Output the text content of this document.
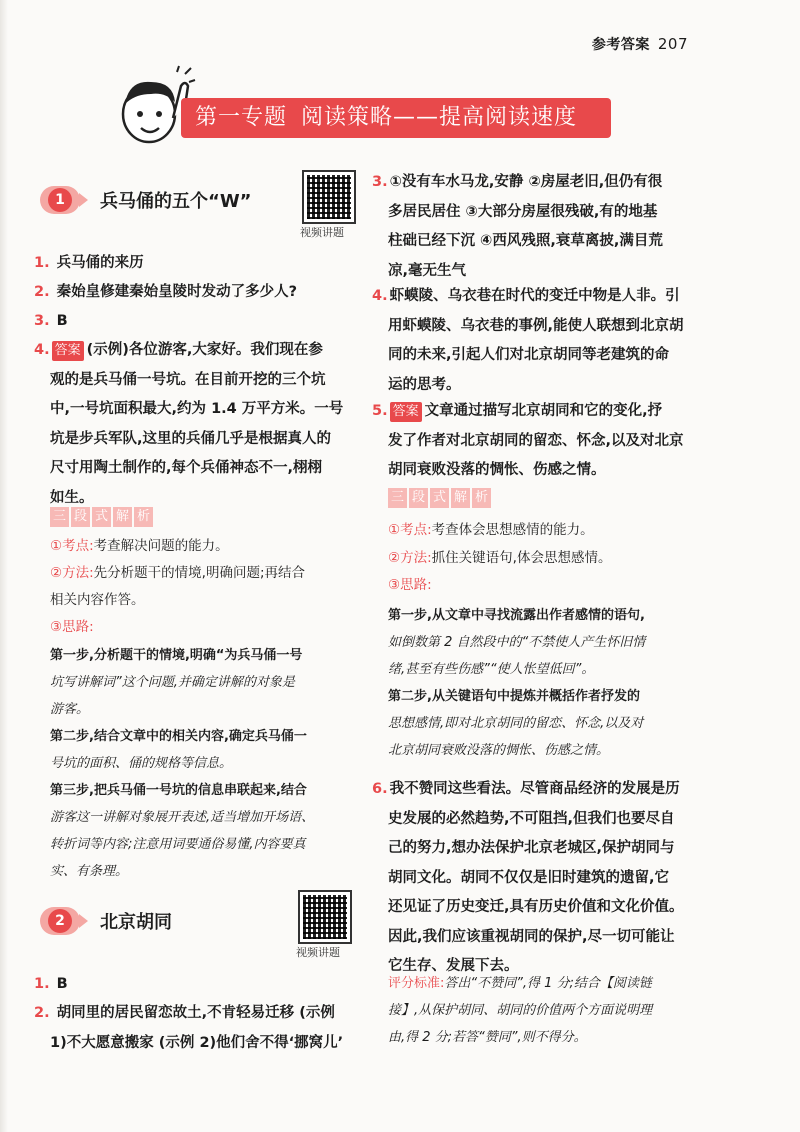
参考答案 207
第一专题 阅读策略——提高阅读速度
1	兵马俑的五个“W”
视频讲题
1. 兵马俑的来历
2. 秦始皇修建秦始皇陵时发动了多少人?
3. B
4. 答案 (示例)各位游客,大家好。我们现在参
观的是兵马俑一号坑。在目前开挖的三个坑
中,一号坑面积最大,约为 1.4 万平方米。一号
坑是步兵军队,这里的兵俑几乎是根据真人的
尺寸用陶土制作的,每个兵俑神态不一,栩栩
如生。
三 段 式 解 析
①考点:考查解决问题的能力。
②方法:先分析题干的情境,明确问题;再结合
相关内容作答。
③思路:
第一步,分析题干的情境,明确“为兵马俑一号
坑写讲解词”这个问题,并确定讲解的对象是
游客。
第二步,结合文章中的相关内容,确定兵马俑一
号坑的面积、俑的规格等信息。
第三步,把兵马俑一号坑的信息串联起来,结合
游客这一讲解对象展开表述,适当增加开场语、
转折词等内容;注意用词要通俗易懂,内容要真
实、有条理。
2	北京胡同
视频讲题
1. B
2. 胡同里的居民留恋故土,不肯轻易迁移 (示例
1)不大愿意搬家 (示例 2)他们舍不得‘挪窝儿’
3. ①没有车水马龙,安静 ②房屋老旧,但仍有很
多居民居住 ③大部分房屋很残破,有的地基
柱础已经下沉 ④西风残照,衰草离披,满目荒
凉,毫无生气
4. 虾蟆陵、乌衣巷在时代的变迁中物是人非。引
用虾蟆陵、乌衣巷的事例,能使人联想到北京胡
同的未来,引起人们对北京胡同等老建筑的命
运的思考。
5. 答案 文章通过描写北京胡同和它的变化,抒
发了作者对北京胡同的留恋、怀念,以及对北京
胡同衰败没落的惆怅、伤感之情。
三 段 式 解 析
①考点:考查体会思想感情的能力。
②方法:抓住关键语句,体会思想感情。
③思路:
第一步,从文章中寻找流露出作者感情的语句,
如倒数第 2 自然段中的“不禁使人产生怀旧情
绪,甚至有些伤感”“使人怅望低回”。
第二步,从关键语句中提炼并概括作者抒发的
思想感情,即对北京胡同的留恋、怀念,以及对
北京胡同衰败没落的惆怅、伤感之情。
6. 我不赞同这些看法。尽管商品经济的发展是历
史发展的必然趋势,不可阻挡,但我们也要尽自
己的努力,想办法保护北京老城区,保护胡同与
胡同文化。胡同不仅仅是旧时建筑的遗留,它
还见证了历史变迁,具有历史价值和文化价值。
因此,我们应该重视胡同的保护,尽一切可能让
它生存、发展下去。
评分标准:答出“不赞同”,得 1 分;结合【阅读链
接】,从保护胡同、胡同的价值两个方面说明理
由,得 2 分;若答“赞同”,则不得分。
